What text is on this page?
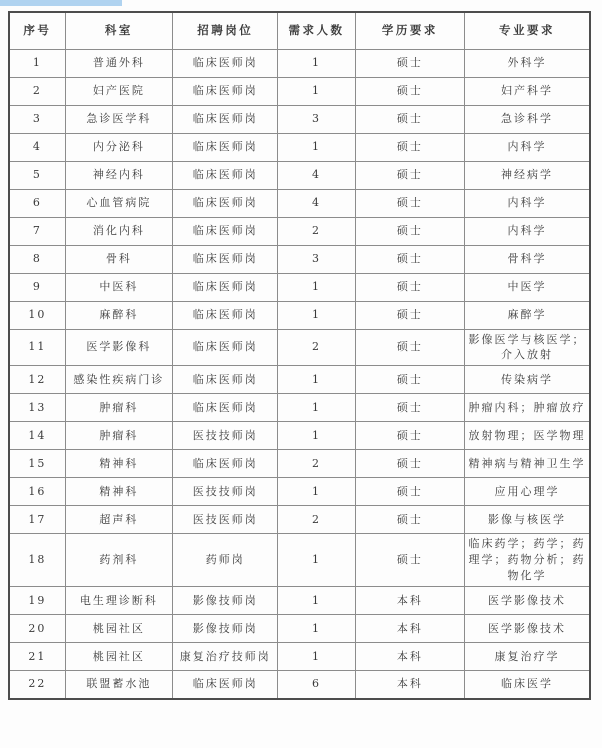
序号	科室	招聘岗位	需求人数	学历要求	专业要求
1	普通外科	临床医师岗	1	硕士	外科学
2	妇产医院	临床医师岗	1	硕士	妇产科学
3	急诊医学科	临床医师岗	3	硕士	急诊科学
4	内分泌科	临床医师岗	1	硕士	内科学
5	神经内科	临床医师岗	4	硕士	神经病学
6	心血管病院	临床医师岗	4	硕士	内科学
7	消化内科	临床医师岗	2	硕士	内科学
8	骨科	临床医师岗	3	硕士	骨科学
9	中医科	临床医师岗	1	硕士	中医学
10	麻醉科	临床医师岗	1	硕士	麻醉学
11	医学影像科	临床医师岗	2	硕士	影像医学与核医学；介入放射
12	感染性疾病门诊	临床医师岗	1	硕士	传染病学
13	肿瘤科	临床医师岗	1	硕士	肿瘤内科；肿瘤放疗
14	肿瘤科	医技技师岗	1	硕士	放射物理；医学物理
15	精神科	临床医师岗	2	硕士	精神病与精神卫生学
16	精神科	医技技师岗	1	硕士	应用心理学
17	超声科	医技医师岗	2	硕士	影像与核医学
18	药剂科	药师岗	1	硕士	临床药学；药学；药理学；药物分析；药物化学
19	电生理诊断科	影像技师岗	1	本科	医学影像技术
20	桃园社区	影像技师岗	1	本科	医学影像技术
21	桃园社区	康复治疗技师岗	1	本科	康复治疗学
22	联盟蓄水池	临床医师岗	6	本科	临床医学
